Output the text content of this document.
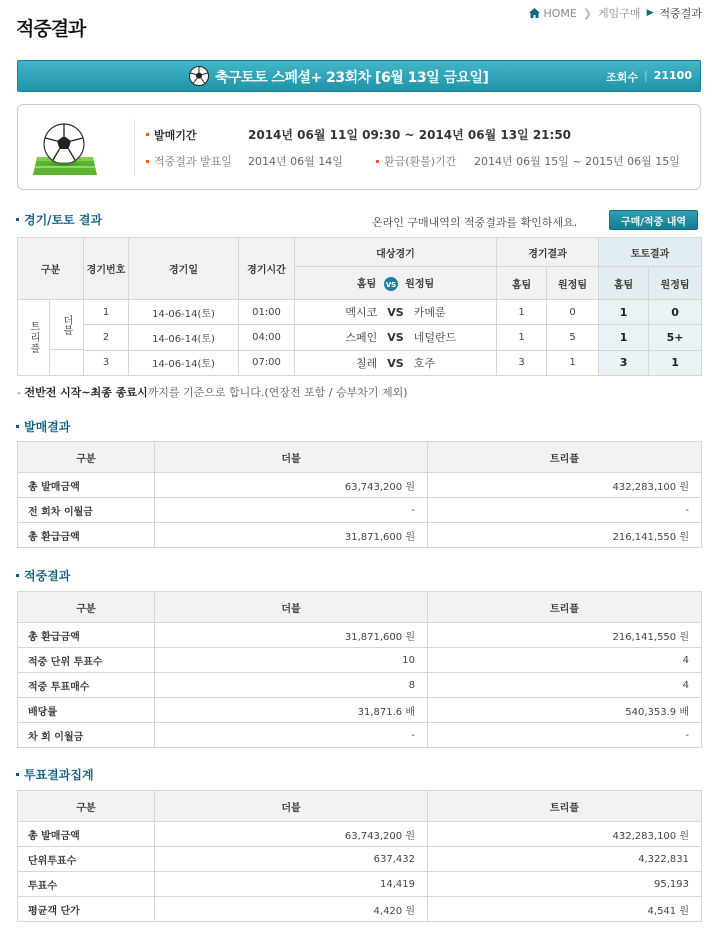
적중결과
HOME ❯ 게임구매 ▶ 적중결과
축구토토 스페셜+ 23회차 [6월 13일 금요일]	조회수 | 21100
발매기간	2014년 06월 11일 09:30 ~ 2014년 06월 13일 21:50
적중결과 발표일	2014년 06월 14일	환급(환불)기간	2014년 06월 15일 ~ 2015년 06월 15일
경기/토토 결과	온라인 구매내역의 적중결과를 확인하세요.	구매/적중 내역
구분	경기번호	경기일	경기시간	대상경기	경기결과		토토결과	
				홈팀 VS 원정팀	홈팀	원정팀	홈팀	원정팀

트리플 더블	1	14-06-14(토)	01:00	멕시코 VS 카메룬	1	0	1	0
	2	14-06-14(토)	04:00	스페인 VS 네덜란드	1	5	1	5+
	3	14-06-14(토)	07:00	칠레 VS 호주	3	1	3	1
- 전반전 시작~최종 종료시까지를 기준으로 합니다.(연장전 포함 / 승부차기 제외)
발매결과
구분	더블	트리플
총 발매금액	63,743,200 원	432,283,100 원
전 회차 이월금	-	-
총 환급금액	31,871,600 원	216,141,550 원
적중결과
구분	더블	트리플
총 환급금액	31,871,600 원	216,141,550 원
적중 단위 투표수	10	4
적중 투표매수	8	4
배당률	31,871.6 배	540,353.9 배
차 회 이월금	-	-
투표결과집계
구분	더블	트리플
총 발매금액	63,743,200 원	432,283,100 원
단위투표수	637,432	4,322,831
투표수	14,419	95,193
평균객 단가	4,420 원	4,541 원
